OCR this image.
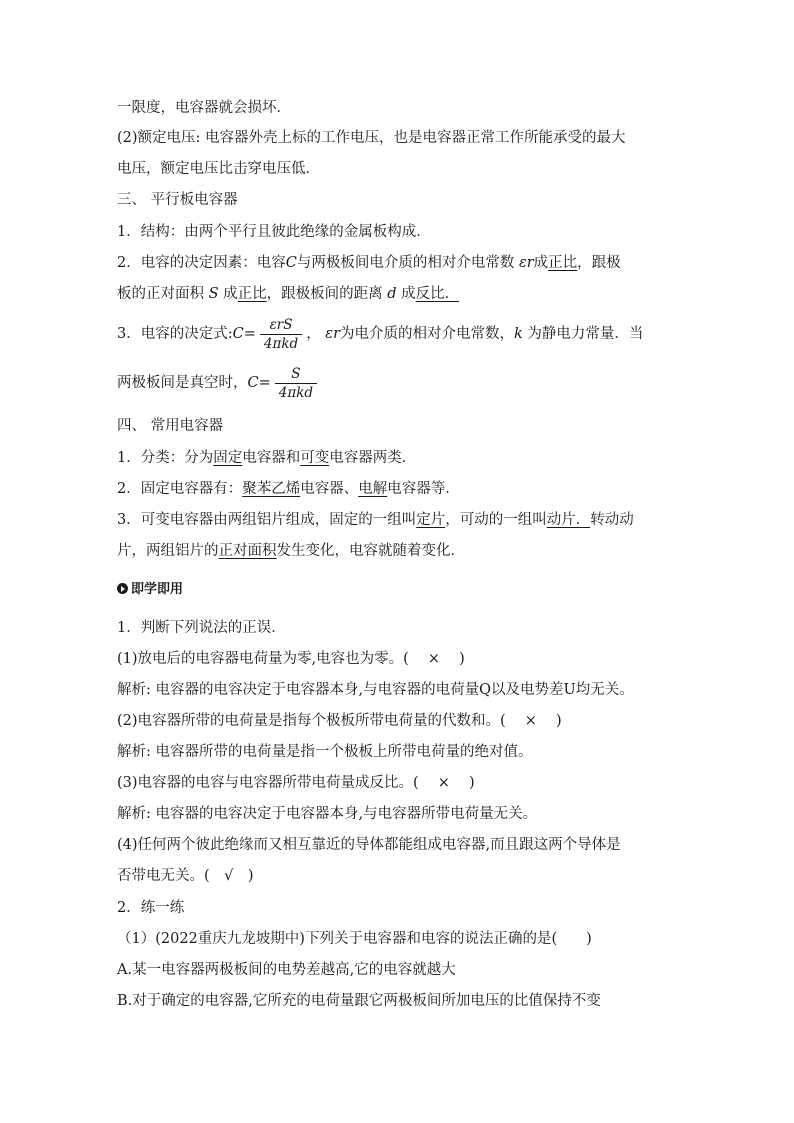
一限度，电容器就会损坏．
(2)额定电压: 电容器外壳上标的工作电压，也是电容器正常工作所能承受的最大
电压，额定电压比击穿电压低．
三、 平行板电容器
1．结构：由两个平行且彼此绝缘的金属板构成．
2．电容的决定因素：电容C与两极板间电介质的相对介电常数 εr成正比，跟极
板的正对面积 S 成正比，跟极板间的距离 d 成反比．
3．电容的决定式:C= $\frac{\text{εrS}}{\text{4πkd}}$ ， εr为电介质的相对介电常数，k 为静电力常量．当
两极板间是真空时，$C= \frac{S}{\text{4πkd}}$
四、 常用电容器
1．分类：分为固定电容器和可变电容器两类．
2．固定电容器有：聚苯乙烯电容器、电解电容器等．
3．可变电容器由两组铝片组成，固定的一组叫定片，可动的一组叫动片．转动动
片，两组铝片的正对面积发生变化，电容就随着变化．
即学即用
1．判断下列说法的正误．
(1)放电后的电容器电荷量为零,电容也为零。(　 ×　 )
解析: 电容器的电容决定于电容器本身,与电容器的电荷量Q以及电势差U均无关。
(2)电容器所带的电荷量是指每个极板所带电荷量的代数和。(　 ×　 )
解析: 电容器所带的电荷量是指一个极板上所带电荷量的绝对值。
(3)电容器的电容与电容器所带电荷量成反比。(　 ×　 )
解析: 电容器的电容决定于电容器本身,与电容器所带电荷量无关。
(4)任何两个彼此绝缘而又相互靠近的导体都能组成电容器,而且跟这两个导体是
否带电无关。(　√　)
2．练一练
（1）(2022重庆九龙坡期中)下列关于电容器和电容的说法正确的是(　　)
A.某一电容器两极板间的电势差越高,它的电容就越大
B.对于确定的电容器,它所充的电荷量跟它两极板间所加电压的比值保持不变
